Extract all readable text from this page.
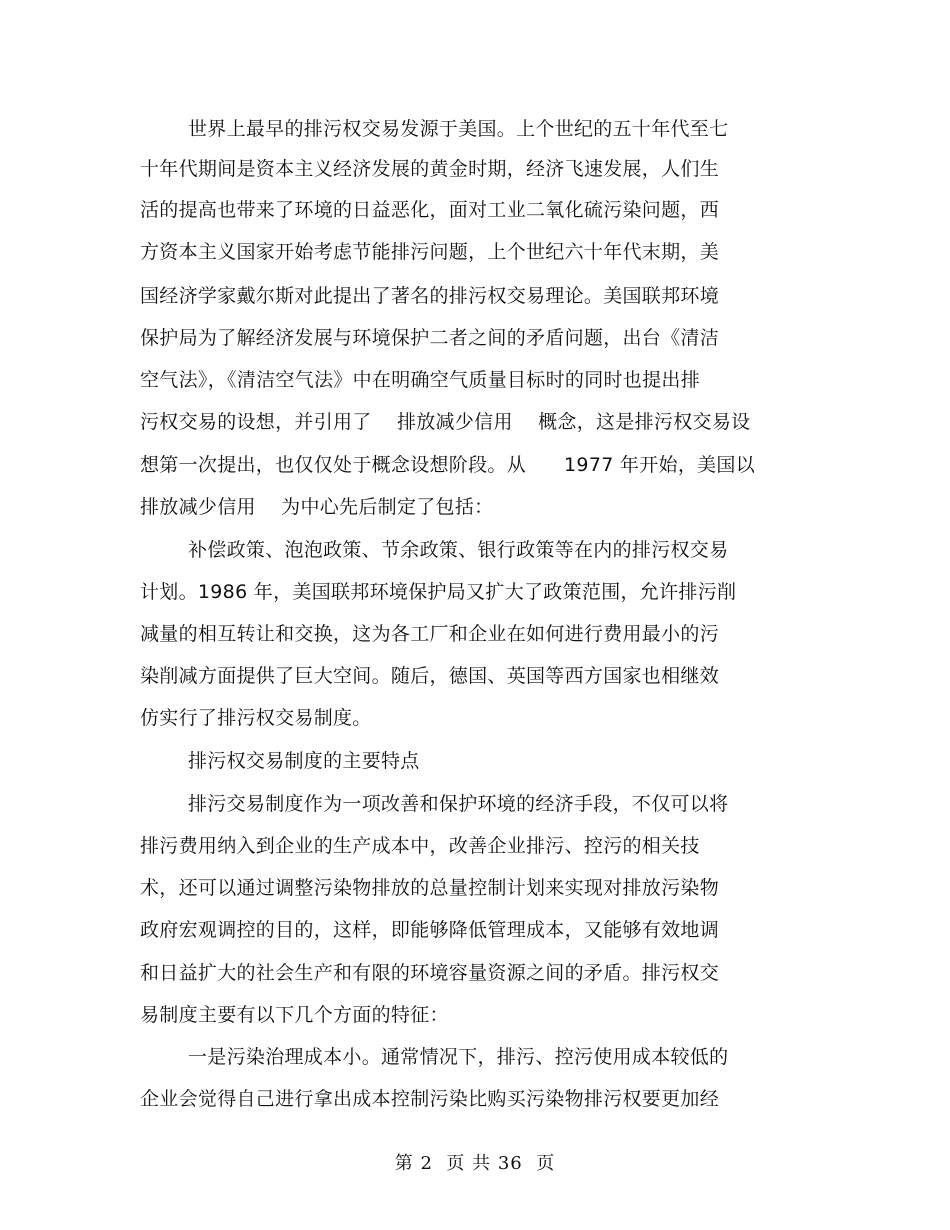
世界上最早的排污权交易发源于美国。上个世纪的五十年代至七
十年代期间是资本主义经济发展的黄金时期，经济飞速发展，人们生
活的提高也带来了环境的日益恶化，面对工业二氧化硫污染问题，西
方资本主义国家开始考虑节能排污问题，上个世纪六十年代末期，美
国经济学家戴尔斯对此提出了著名的排污权交易理论。美国联邦环境
保护局为了解经济发展与环境保护二者之间的矛盾问题，出台《清洁
空气法》，《清洁空气法》中在明确空气质量目标时的同时也提出排
污权交易的设想，并引用了    排放减少信用    概念，这是排污权交易设
想第一次提出，也仅仅处于概念设想阶段。从      1977 年开始，美国以
排放减少信用    为中心先后制定了包括：
补偿政策、泡泡政策、节余政策、银行政策等在内的排污权交易
计划。1986 年，美国联邦环境保护局又扩大了政策范围，允许排污削
减量的相互转让和交换，这为各工厂和企业在如何进行费用最小的污
染削减方面提供了巨大空间。随后，德国、英国等西方国家也相继效
仿实行了排污权交易制度。
排污权交易制度的主要特点
排污交易制度作为一项改善和保护环境的经济手段，不仅可以将
排污费用纳入到企业的生产成本中，改善企业排污、控污的相关技
术，还可以通过调整污染物排放的总量控制计划来实现对排放污染物
政府宏观调控的目的，这样，即能够降低管理成本，又能够有效地调
和日益扩大的社会生产和有限的环境容量资源之间的矛盾。排污权交
易制度主要有以下几个方面的特征：
一是污染治理成本小。通常情况下，排污、控污使用成本较低的
企业会觉得自己进行拿出成本控制污染比购买污染物排污权要更加经
第 2  页 共 36  页
